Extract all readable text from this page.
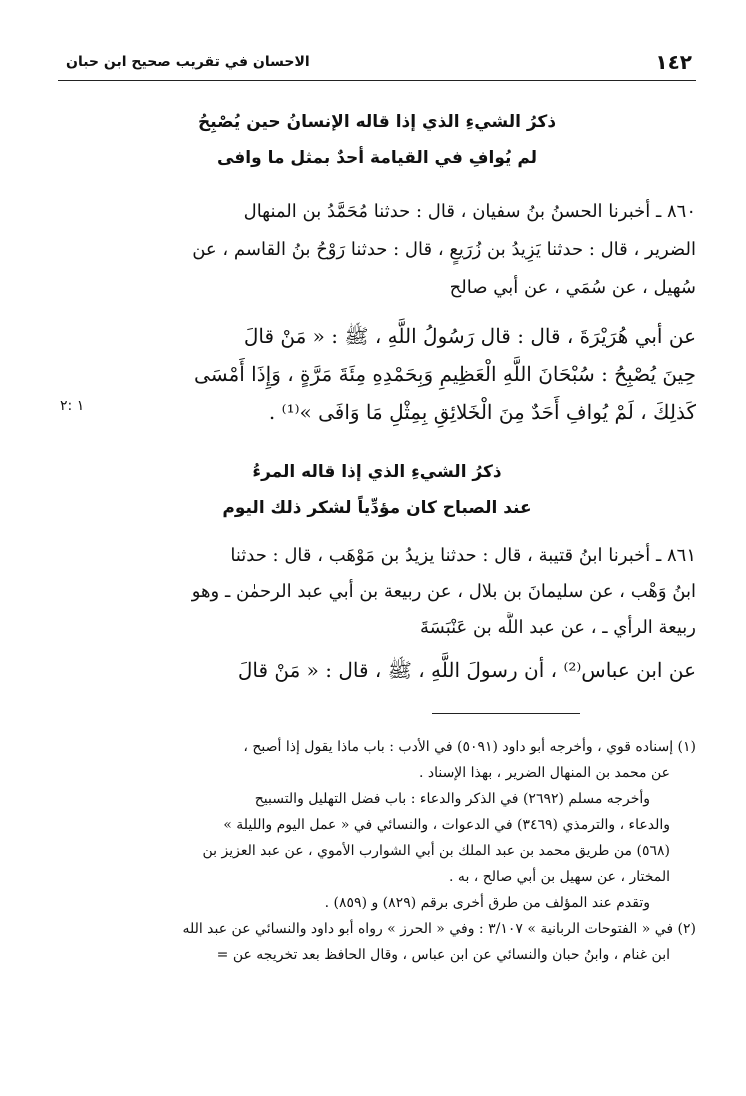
١٤٢
الاحسان في تقريب صحيح ابن حبان
ذكرُ الشيءِ الذي إذا قاله الإنسانُ حين يُصْبِحُ
لم يُوافِ في القيامة أحدٌ بمثل ما وافى
٨٦٠ ـ أخبرنا الحسنُ بنُ سفيان ، قال : حدثنا مُحَمَّدُ بن المنهال
الضرير ، قال : حدثنا يَزِيدُ بن زُرَيعٍ ، قال : حدثنا رَوْحُ بنُ القاسم ، عن
سُهيل ، عن سُمَي ، عن أبي صالح
عن أبي هُرَيْرَةَ ، قال : قال رَسُولُ اللَّهِ ، ﷺ : « مَنْ قالَ
حِينَ يُصْبِحُ : سُبْحَانَ اللَّهِ الْعَظِيمِ وَبِحَمْدِهِ مِئَةَ مَرَّةٍ ، وَإِذَا أَمْسَى
كَذلِكَ ، لَمْ يُوافِ أَحَدٌ مِنَ الْخَلائِقِ بِمِثْلِ مَا وَافَى »⁽¹⁾ .
١ :٢
ذكرُ الشيءِ الذي إذا قاله المرءُ
عند الصباح كان مؤدِّياً لشكر ذلك اليوم
٨٦١ ـ أخبرنا ابنُ قتيبة ، قال : حدثنا يزيدُ بن مَوْهَب ، قال : حدثنا
ابنُ وَهْب ، عن سليمانَ بن بلال ، عن ربيعة بن أبي عبد الرحمٰن ـ وهو
ربيعة الرأي ـ ، عن عبد اللَّه بن عَنْبَسَةَ
عن ابن عباس⁽²⁾ ، أن رسولَ اللَّهِ ، ﷺ ، قال : « مَنْ قالَ
(١) إسناده قوي ، وأخرجه أبو داود (٥٠٩١) في الأدب : باب ماذا يقول إذا أصبح ،
عن محمد بن المنهال الضرير ، بهذا الإسناد .
وأخرجه مسلم (٢٦٩٢) في الذكر والدعاء : باب فضل التهليل والتسبيح
والدعاء ، والترمذي (٣٤٦٩) في الدعوات ، والنسائي في « عمل اليوم والليلة »
(٥٦٨) من طريق محمد بن عبد الملك بن أبي الشوارب الأموي ، عن عبد العزيز بن
المختار ، عن سهيل بن أبي صالح ، به .
وتقدم عند المؤلف من طرق أخرى برقم (٨٢٩) و (٨٥٩) .
(٢) في « الفتوحات الربانية » ٣/١٠٧ : وفي « الحرز » رواه أبو داود والنسائي عن عبد الله
ابن غنام ، وابنُ حبان والنسائي عن ابن عباس ، وقال الحافظ بعد تخريجه عن =
